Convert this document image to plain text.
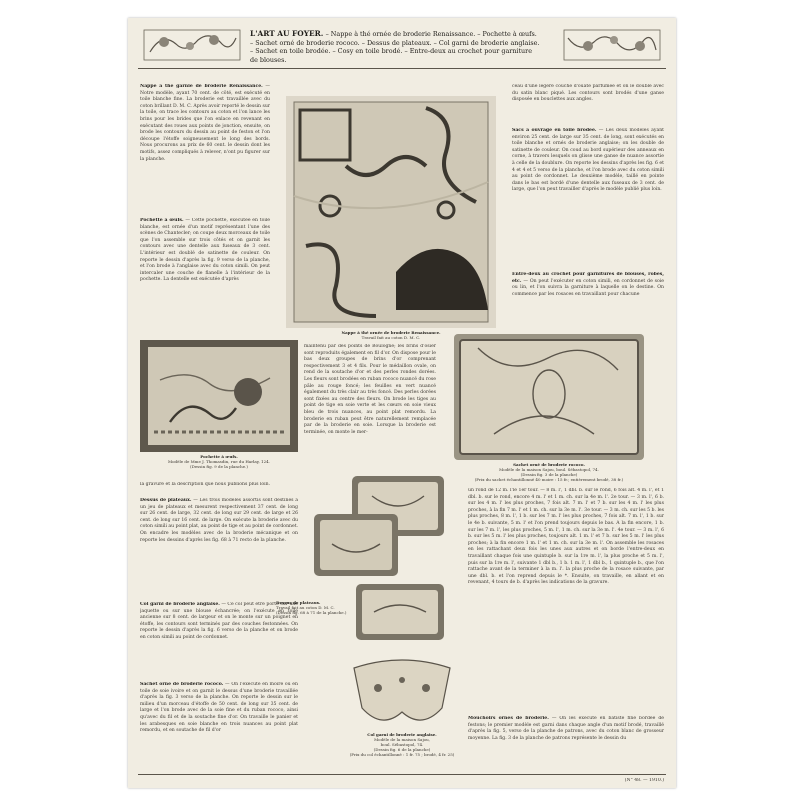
L'ART AU FOYER. – Nappe à thé ornée de broderie Renaissance. – Pochette à œufs. – Sachet orné de broderie rococo. – Dessus de plateaux. – Col garni de broderie anglaise. – Sachet en toile brodée. – Cosy en toile brodé. – Entre-deux au crochet pour garniture de blouses.
Nappe à thé garnie de broderie Renaissance. — Notre modèle, ayant 70 cent. de côté, est exécuté en toile blanche fine. La broderie est travaillée avec du coton brillant D. M. C. Après avoir reporté le dessin sur la toile, on trace les contours au coton et l'on lance les brins pour les brides que l'on enlace en revenant en exécutant des roues aux points de jonction, ensuite, on brode les contours du dessin au point de feston et l'on découpe l'étoffe soigneusement le long des bords. Nous procurons au prix de 60 cent. le dessin dont les motifs, assez compliqués à relever, n'ont pu figurer sur la planche.
Pochette à œufs. — Cette pochette, exécutée en toile blanche, est ornée d'un motif représentant l'une des scènes de Chantecler; on coupe deux morceaux de toile que l'on assemble sur trois côtés et on garnit les contours avec une dentelle aux fuseaux de 3 cent. L'intérieur est doublé de satinette de couleur. On reporte le dessin d'après la fig. 9 verso de la planche, et l'on brode à l'anglaise avec du coton simili. On peut intercaler une couche de flanelle à l'intérieur de la pochette. La dentelle est exécutée d'après
Nappe à thé ornée de broderie Renaissance.
Travail fait au coton D. M. C.
ceau d'une légère couche d'ouate parfumée et on le double avec du satin blanc piqué. Les contours sont brodés d'une ganse disposée en bouclettes aux angles.
Sacs à ouvrage en toile brodée. — Les deux modèles ayant environ 25 cent. de large sur 35 cent. de long, sont exécutés en toile blanche et ornés de broderie anglaise; on les double de satinette de couleur. On coud au bord supérieur des anneaux en corne, à travers lesquels on glisse une ganse de nuance assortie à celle de la doublure. On reporte les dessins d'après les fig. 6 et 4 et 4 et 5 verso de la planche, et l'on brode avec du coton simili au point de cordonnet. Le deuxième modèle, taillé en pointe dans le bas est bordé d'une dentelle aux fuseaux de 3 cent. de large, que l'on peut travailler d'après le modèle publié plus loin.
Entre-deux au crochet pour garnitures de blouses, robes, etc. — On peut l'exécuter en coton simili, en cordonnet de soie ou lin, et l'on suivra la garniture à laquelle on le destine. On commence par les rosaces en travaillant pour chacune
Pochette à œufs.
Modèle de Mme J. Thomasdin, rue du Harlay, 124.
(Dessin fig. 9 de la planche.)
maintenu par des points de Boulogne; les brins d'osier sont reproduits également en fil d'or. On dispose pour le bas deux groupes de brins d'or comprenant respectivement 3 et 4 fils. Pour le médaillon ovale, on rend de la soutache d'or et des perles rondes dorées. Les fleurs sont brodées en ruban rococo nuancé du rose pâle au rouge foncé; les feuilles en vert nuancé également du très clair au très foncé. Des perles dorées sont fixées au centre des fleurs. On brode les tiges au point de tige en soie verte et les cœurs en soie vieux bleu de trois nuances, au point plat remordu. La broderie en ruban peut être naturellement remplacée par de la broderie en soie. Lorsque la broderie est terminée, on monte le mer-
Sachet orné de broderie rococo.
Modèle de la maison Sajou, boul. Sébastopol, 74.
(Dessin fig. 3 de la planche)
(Prix du sachet échantillonné 40 moire : 15 fr.; entièrement brodé, 38 fr.)
la gravure et la description que nous publions plus loin.
Dessus de plateaux. — Les trois modèles assortis sont destinés à un jeu de plateaux et mesurent respectivement 37 cent. de long sur 26 cent. de large, 32 cent. de long sur 29 cent. de large et 26 cent. de long sur 16 cent. de large. On exécute la broderie avec du coton simili au point plat, au point de tige et au point de cordonnet. On encadre les modèles avec de la broderie mécanique et on reporte les dessins d'après les fig. 68 à 71 recto de la planche.
Col garni de broderie anglaise. — Ce col peut être porté sur une jaquette ou sur une blouse échancrée; on l'exécute en toile ancienne sur 8 cent. de largeur et on le monte sur un poignet en étoffe, les contours sont terminés par des couches festonnées. On reporte le dessin d'après la fig. 6 verso de la planche et on brode en coton simili au point de cordonnet.
Sachet orné de broderie rococo. — On l'exécute en moire ou en toile de soie ivoire et on garnit le dessus d'une broderie travaillée d'après la fig. 3 verso de la planche. On reporte le dessin sur le milieu d'un morceau d'étoffe de 50 cent. de long sur 35 cent. de large et l'on brode avec de la soie fine et du ruban rococo, ainsi qu'avec du fil et de la soutache fine d'or. On travaille le panier et les arabesques en soie blanche en trois nuances au point plat remordu, et en soutache de fil d'or
Dessus de plateaux.
Travail fait au coton D. M. C.
(Dessin fig. 68 à 71 de la planche.)
Col garni de broderie anglaise.
Modèle de la maison Sajou,
boul. Sébastopol, 74.
(Dessin fig. 6 de la planche)
(Prix du col échantillonné : 1 fr. 75 ; brodé, 4 fr. 25)
un rond de 12 m. l'le 1er tour. — 8 m. l', 1 dbl. b. sur le rond, 6 fois alt. 4 m. l', et 1 dbl. b. sur le rond, encore 4 m. l' et 1 m. ch. sur la 4e m. l'. 2e tour. — 3 m. l', 6 b. sur les 4 m. l' les plus proches, 7 fois alt. 7 m. l' et 7 b. sur les 4 m. l' les plus proches, à la fin 7 m. l' et 1 m. ch. sur la 3e m. l'. 3e tour. — 3 m. ch. sur les 5 b. les plus proches, 8 m. l', 1 b. sur les 7 m. l' les plus proches, 7 fois alt. 7 m. l', 1 b. sur le 4e b. suivante, 5 m. l' et l'on prend toujours depuis le bas. A la fin encore, 1 b. sur les 7 m. l', les plus proches, 5 m. l', 1 m. ch. sur la 3e m. l'. 4e tour. — 3 m. l', 6 b. sur les 5 m. l' les plus proches, toujours alt. 1 m. l' et 7 b. sur les 5 m. l' les plus proches; à la fin encore 1 m. l' et 1 m. ch. sur la 3e m. l'. On assemble les rosaces en les rattachant deux fois les unes aux autres et on borde l'entre-deux en travaillant chaque fois une quintuple b. sur la 1re m. l', la plus proche et 5 m. l', puis sur la 1re m. l', suivante 1 dbl b., 1 b. 1 m. l', 1 dbl b., 1 quintuple b., que l'on rattache avant de la terminer à la m. l'. la plus proche de la rosace suivante, par une dbl. b. et l'on reprend depuis le *. Ensuite, on travaille, en allant et en revenant, 4 tours de b. d'après les indications de la gravure.
Mouchoirs ornés de broderie. — On les exécute en batiste fine bordée de festons; le premier modèle est garni dans chaque angle d'un motif brodé, travaillé d'après la fig. 5, verso de la planche de patrons, avec du coton blanc de grosseur moyenne. La fig. 3 de la planche de patrons représente le dessin du
(N° 48. — 1910.)
